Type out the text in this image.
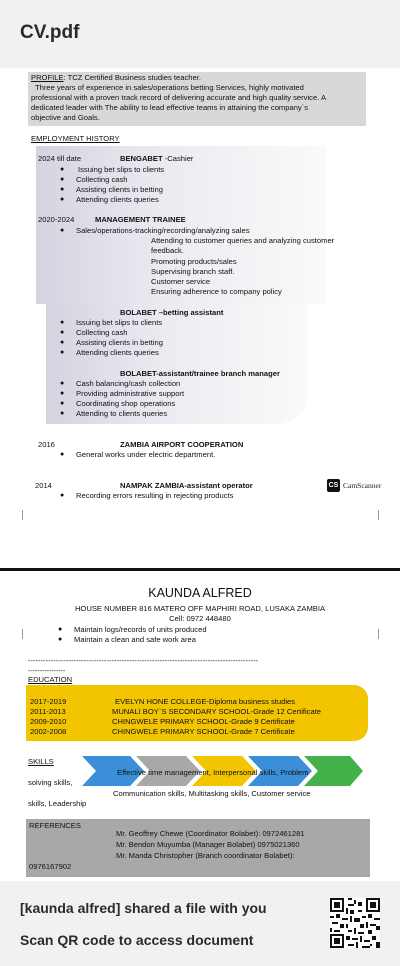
CV.pdf
PROFILE: TCZ Certified Business studies teacher.
Three years of experience in sales/operations betting Services, highly motivated
professional with a proven track record of delivering accurate and high quality service. A
dedicated leader with The ability to lead effective teams in attaining the company`s
objective and Goals.
EMPLOYMENT HISTORY
2024 till date	BENGABET -Cashier
● Issuing bet slips to clients
● Collecting cash
● Assisting clients in betting
● Attending clients queries
2020-2024	MANAGEMENT TRAINEE
● Sales/operations-tracking/recording/analyzing sales
Attending to customer queries and analyzing customer
feedback.
Promoting products/sales
Supervising branch staff.
Customer service
Ensuring adherence to company policy
BOLABET –betting assistant
● Issuing bet slips to clients
● Collecting cash
● Assisting clients in betting
● Attending clients queries
BOLABET-assistant/trainee branch manager
● Cash balancing/cash collection
● Providing administrative support
● Coordinating shop operations
● Attending to clients queries
2016	ZAMBIA AIRPORT COOPERATION
● General works under electric department.
2014	NAMPAK ZAMBIA-assistant operator
● Recording errors resulting in rejecting products
CS CamScanner
KAUNDA ALFRED
HOUSE NUMBER 816 MATERO OFF MAPHIRI ROAD, LUSAKA ZAMBIA
Cell: 0972 448480
● Maintain logs/records of units produced
● Maintain a clean and safe work area
-------------------------------------------------------------------------------------------
----------------
EDUCATION
2017-2019	EVELYN HONE COLLEGE-Diploma business studies
2011-2013	MUNALI BOY`S SECONDARY SCHOOL-Grade 12 Certificate
2009-2010	CHINGWELE PRIMARY SCHOOL-Grade 9 Certificate
2002-2008	CHINGWELE PRIMARY SCHOOL-Grade 7 Certificate
SKILLS
Effective time management, Interpersonal skills, Problem
solving skills,
Communication skills, Multitasking skills, Customer service
skills, Leadership
REFERENCES
Mr. Geoffrey Chewe (Coordinator Bolabet): 0972461281
Mr. Bendon Muyumba (Manager Bolabet) 0975021360
Mr. Manda Christopher (Branch coordinator Bolabet):
0976167902
[kaunda alfred] shared a file with you
Scan QR code to access document
